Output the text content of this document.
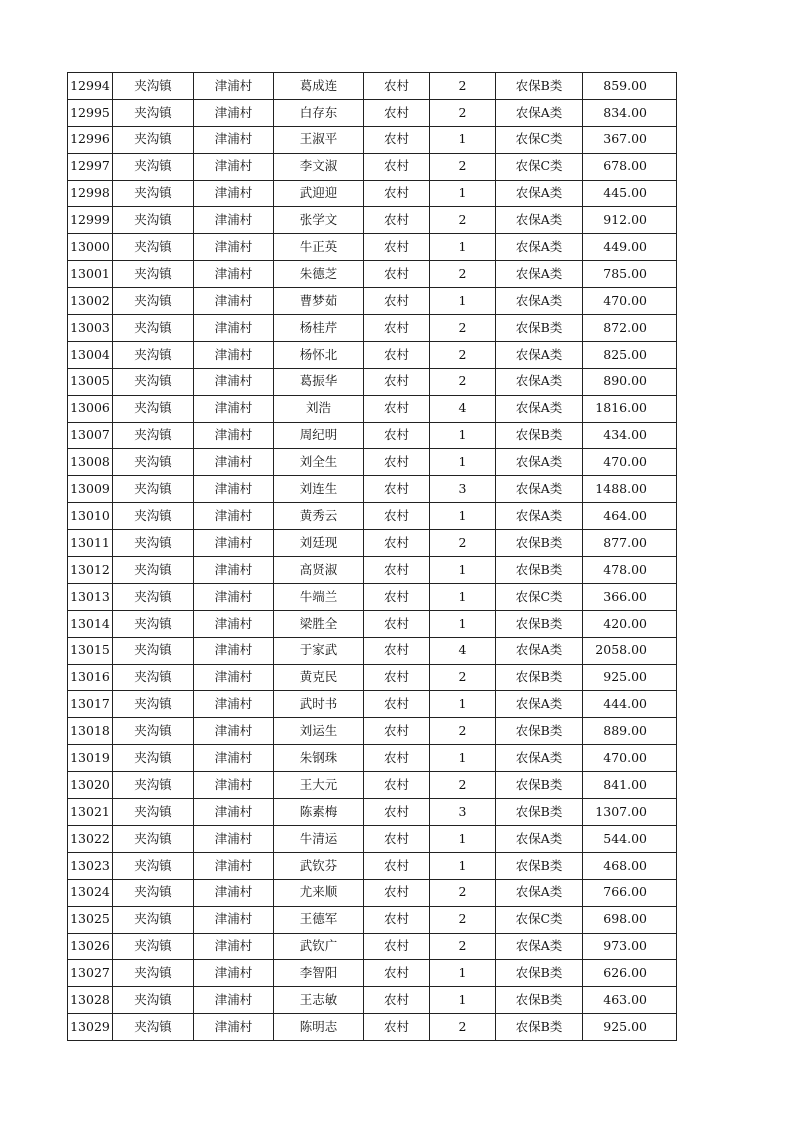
12994	夹沟镇	津浦村	葛成连	农村	2	农保B类	859.00
12995	夹沟镇	津浦村	白存东	农村	2	农保A类	834.00
12996	夹沟镇	津浦村	王淑平	农村	1	农保C类	367.00
12997	夹沟镇	津浦村	李文淑	农村	2	农保C类	678.00
12998	夹沟镇	津浦村	武迎迎	农村	1	农保A类	445.00
12999	夹沟镇	津浦村	张学文	农村	2	农保A类	912.00
13000	夹沟镇	津浦村	牛正英	农村	1	农保A类	449.00
13001	夹沟镇	津浦村	朱德芝	农村	2	农保A类	785.00
13002	夹沟镇	津浦村	曹梦茹	农村	1	农保A类	470.00
13003	夹沟镇	津浦村	杨桂芹	农村	2	农保B类	872.00
13004	夹沟镇	津浦村	杨怀北	农村	2	农保A类	825.00
13005	夹沟镇	津浦村	葛振华	农村	2	农保A类	890.00
13006	夹沟镇	津浦村	刘浩	农村	4	农保A类	1816.00
13007	夹沟镇	津浦村	周纪明	农村	1	农保B类	434.00
13008	夹沟镇	津浦村	刘全生	农村	1	农保A类	470.00
13009	夹沟镇	津浦村	刘连生	农村	3	农保A类	1488.00
13010	夹沟镇	津浦村	黄秀云	农村	1	农保A类	464.00
13011	夹沟镇	津浦村	刘廷现	农村	2	农保B类	877.00
13012	夹沟镇	津浦村	高贤淑	农村	1	农保B类	478.00
13013	夹沟镇	津浦村	牛端兰	农村	1	农保C类	366.00
13014	夹沟镇	津浦村	梁胜全	农村	1	农保B类	420.00
13015	夹沟镇	津浦村	于家武	农村	4	农保A类	2058.00
13016	夹沟镇	津浦村	黄克民	农村	2	农保B类	925.00
13017	夹沟镇	津浦村	武时书	农村	1	农保A类	444.00
13018	夹沟镇	津浦村	刘运生	农村	2	农保B类	889.00
13019	夹沟镇	津浦村	朱钢珠	农村	1	农保A类	470.00
13020	夹沟镇	津浦村	王大元	农村	2	农保B类	841.00
13021	夹沟镇	津浦村	陈素梅	农村	3	农保B类	1307.00
13022	夹沟镇	津浦村	牛清运	农村	1	农保A类	544.00
13023	夹沟镇	津浦村	武钦芬	农村	1	农保B类	468.00
13024	夹沟镇	津浦村	尤来顺	农村	2	农保A类	766.00
13025	夹沟镇	津浦村	王德军	农村	2	农保C类	698.00
13026	夹沟镇	津浦村	武钦广	农村	2	农保A类	973.00
13027	夹沟镇	津浦村	李智阳	农村	1	农保B类	626.00
13028	夹沟镇	津浦村	王志敏	农村	1	农保B类	463.00
13029	夹沟镇	津浦村	陈明志	农村	2	农保B类	925.00
